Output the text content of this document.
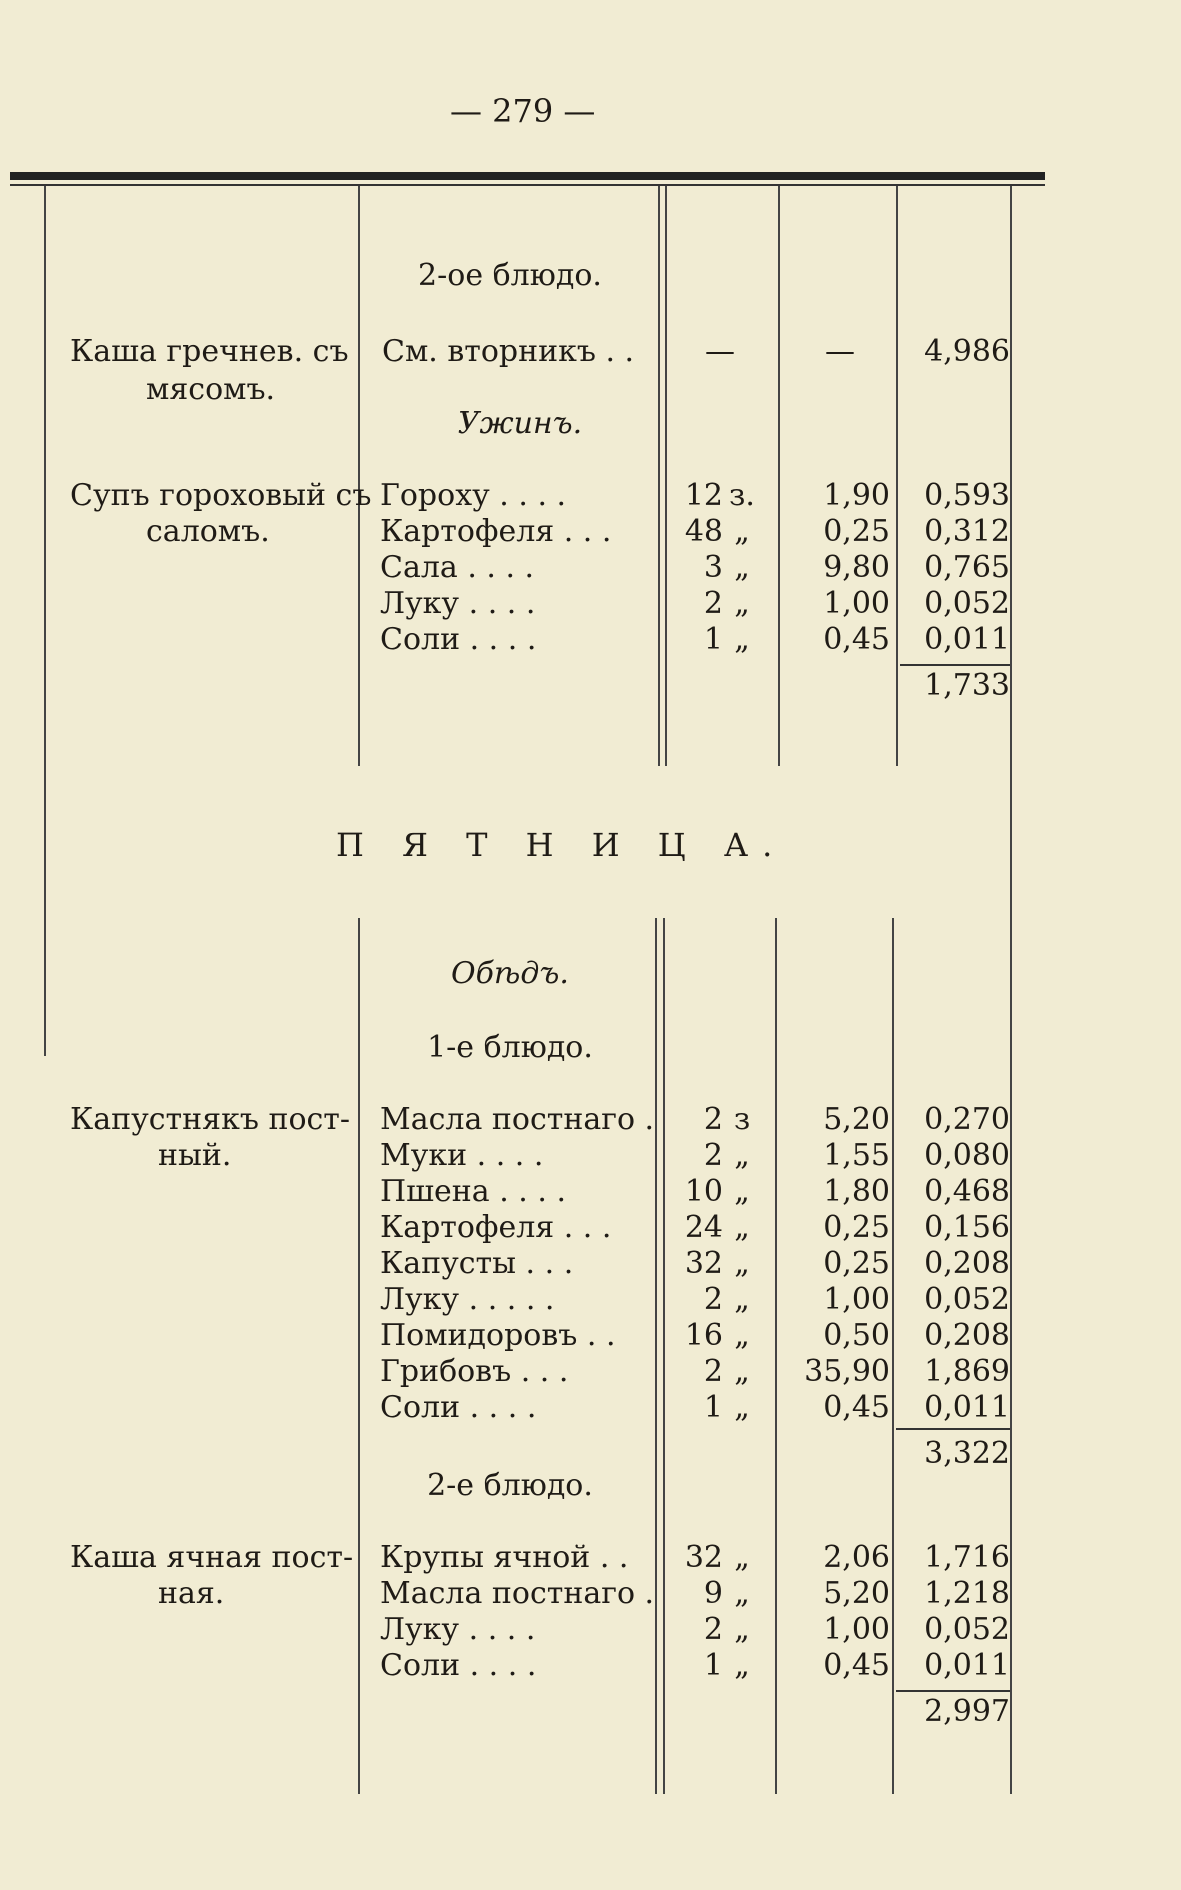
— 279 —
2-ое блюдо.
Каша гречнев. съ
мясомъ.
См. вторникъ . .	—	—	4,986
Ужинъ.
Супъ гороховый съ
саломъ.
Гороху . . . .	12 з.	1,90	0,593
Картофеля . . .	48 „	0,25	0,312
Сала . . . .	3 „	9,80	0,765
Луку . . . .	2 „	1,00	0,052
Соли . . . .	1 „	0,45	0,011
1,733
П Я Т Н И Ц А.
Обѣдъ.
1-е блюдо.
Капустнякъ пост-
ный.
Масла постнаго .	2 з	5,20	0,270
Муки . . . .	2 „	1,55	0,080
Пшена . . . .	10 „	1,80	0,468
Картофеля . . .	24 „	0,25	0,156
Капусты . . .	32 „	0,25	0,208
Луку . . . . .	2 „	1,00	0,052
Помидоровъ . .	16 „	0,50	0,208
Грибовъ . . .	2 „	35,90	1,869
Соли . . . .	1 „	0,45	0,011
3,322
2-е блюдо.
Каша ячная пост-
ная.
Крупы ячной . .	32 „	2,06	1,716
Масла постнаго .	9 „	5,20	1,218
Луку . . . .	2 „	1,00	0,052
Соли . . . .	1 „	0,45	0,011
2,997
